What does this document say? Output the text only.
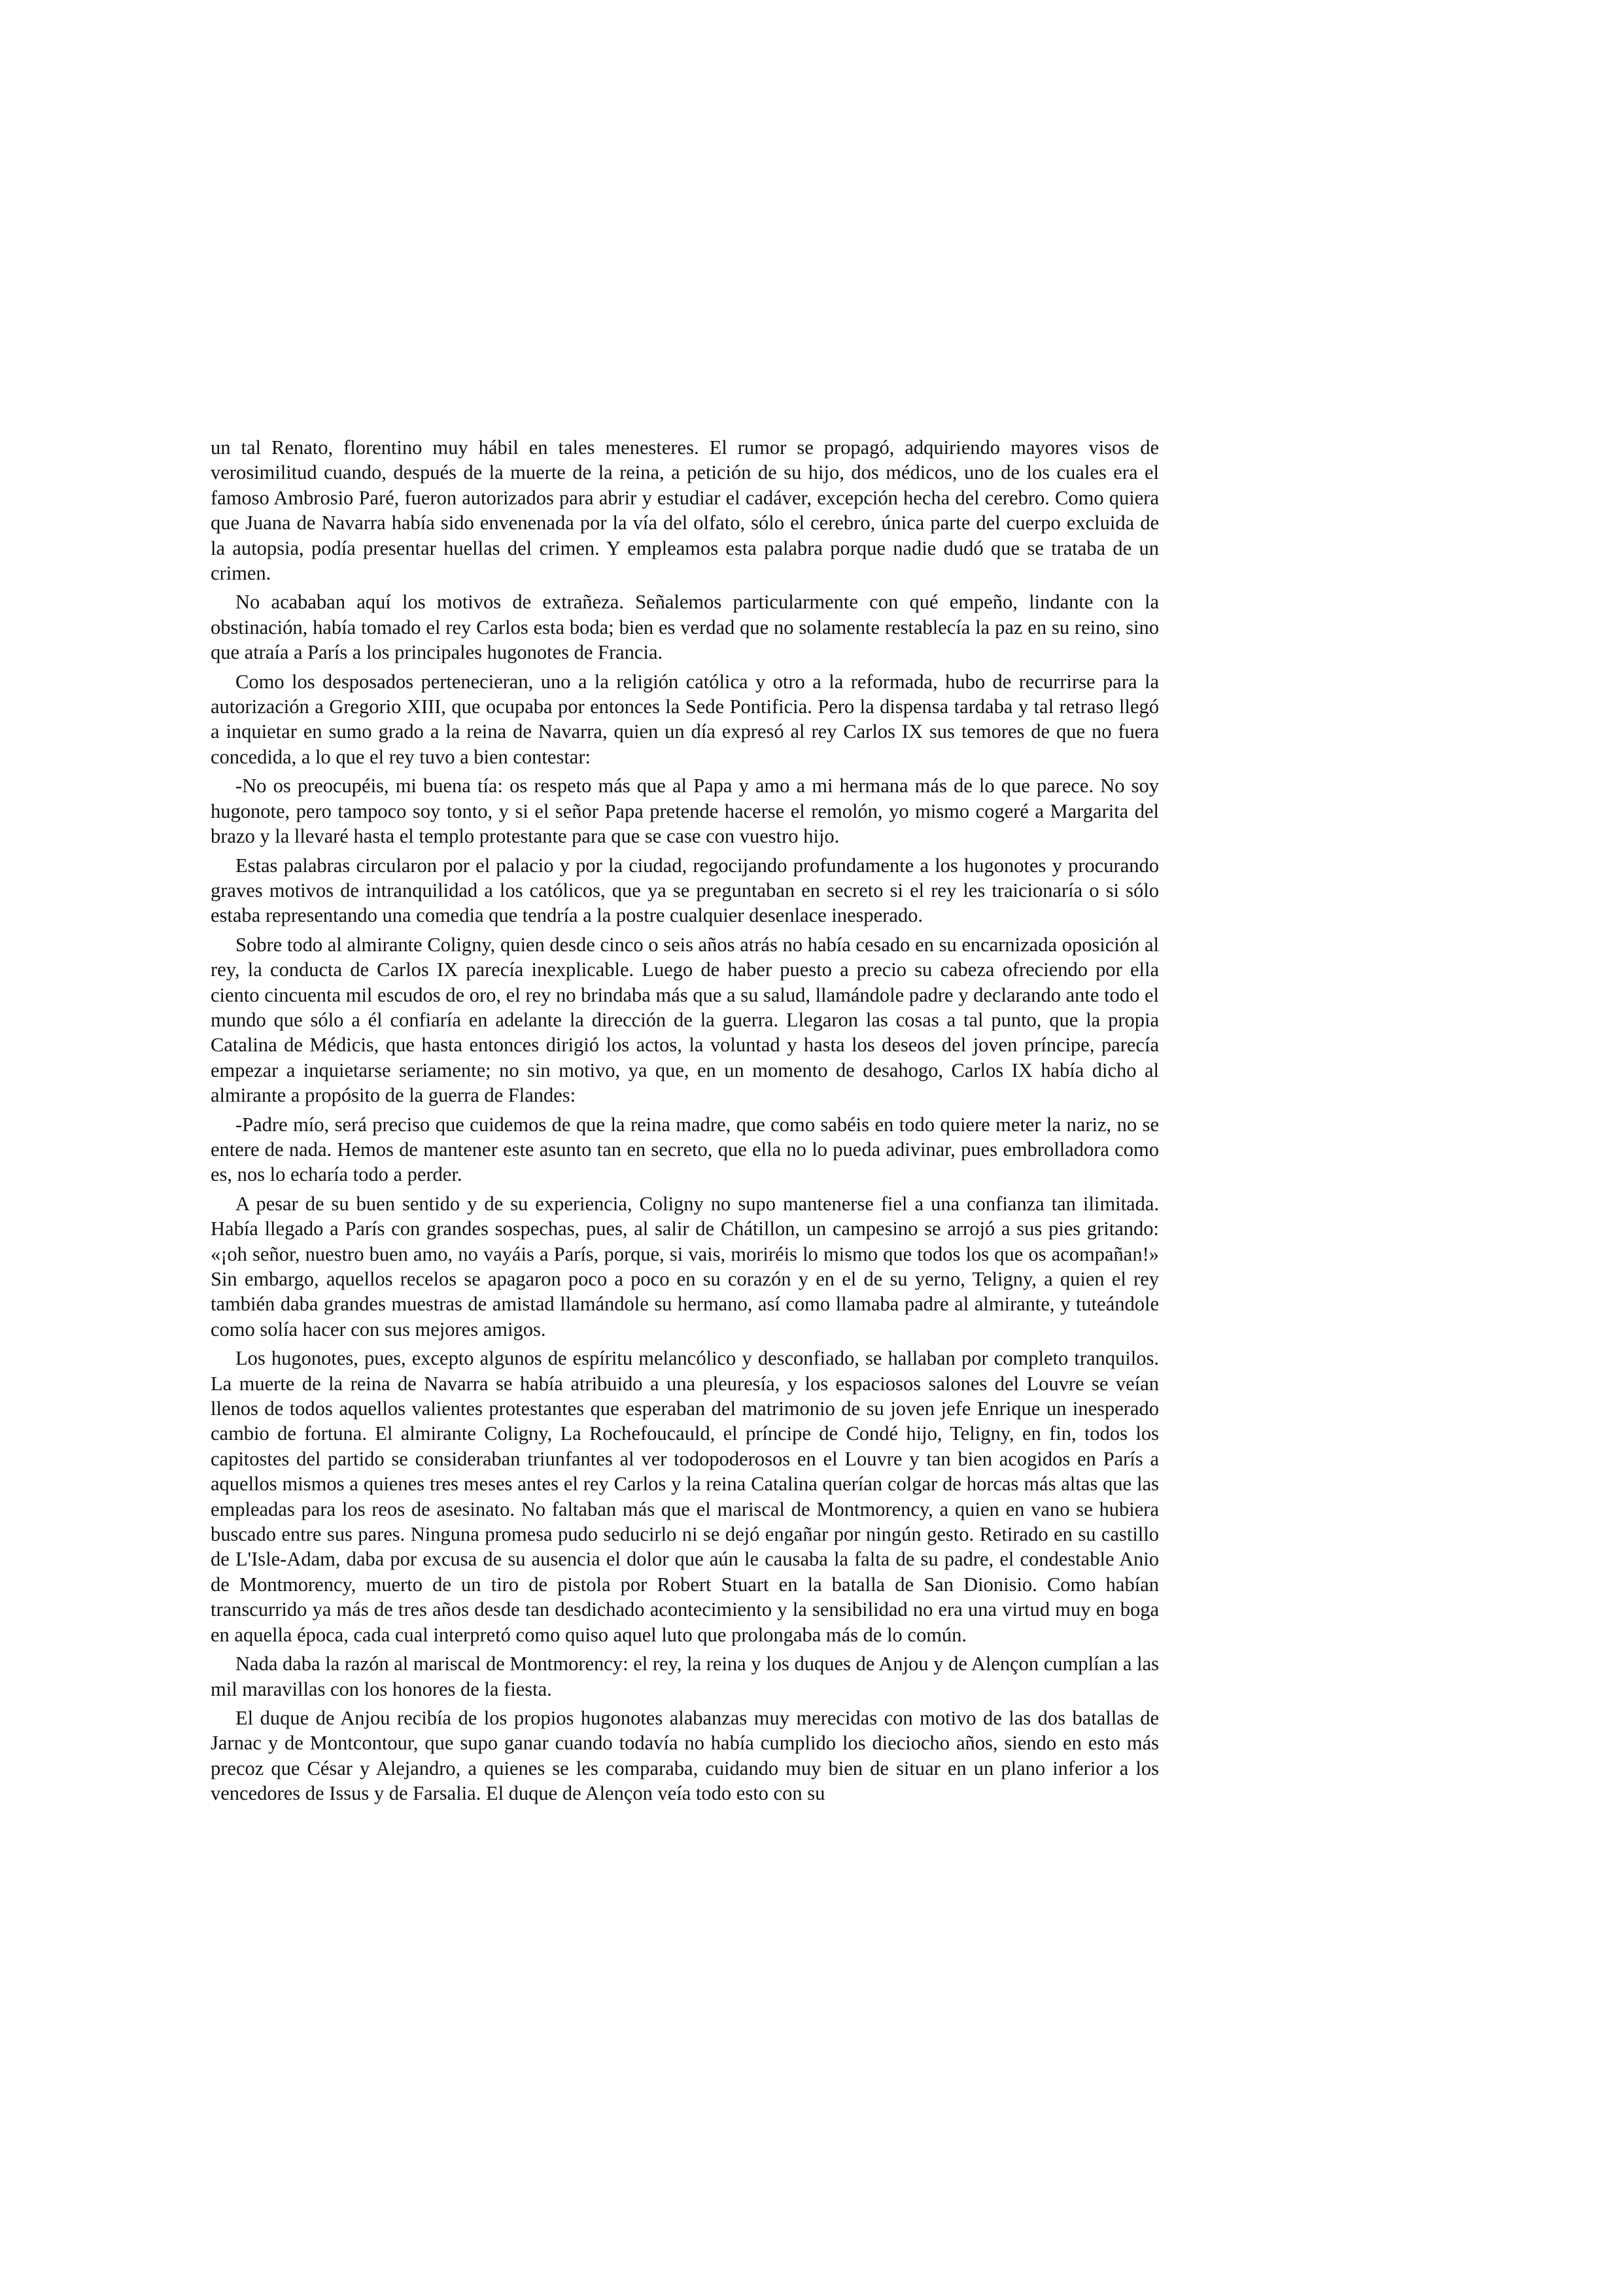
un tal Renato, florentino muy hábil en tales menesteres. El rumor se propagó, adquiriendo mayores visos de verosimilitud cuando, después de la muerte de la reina, a petición de su hijo, dos médicos, uno de los cuales era el famoso Ambrosio Paré, fueron autorizados para abrir y estudiar el cadáver, excepción hecha del cerebro. Como quiera que Juana de Navarra había sido envenenada por la vía del olfato, sólo el cerebro, única parte del cuerpo excluida de la autopsia, podía presentar huellas del crimen. Y empleamos esta palabra porque nadie dudó que se trataba de un crimen.

No acababan aquí los motivos de extrañeza. Señalemos particularmente con qué empeño, lindante con la obstinación, había tomado el rey Carlos esta boda; bien es verdad que no solamente restablecía la paz en su reino, sino que atraía a París a los principales hugonotes de Francia.

Como los desposados pertenecieran, uno a la religión católica y otro a la reformada, hubo de recurrirse para la autorización a Gregorio XIII, que ocupaba por entonces la Sede Pontificia. Pero la dispensa tardaba y tal retraso llegó a inquietar en sumo grado a la reina de Navarra, quien un día expresó al rey Carlos IX sus temores de que no fuera concedida, a lo que el rey tuvo a bien contestar:

-No os preocupéis, mi buena tía: os respeto más que al Papa y amo a mi hermana más de lo que parece. No soy hugonote, pero tampoco soy tonto, y si el señor Papa pretende hacerse el remolón, yo mismo cogeré a Margarita del brazo y la llevaré hasta el templo protestante para que se case con vuestro hijo.

Estas palabras circularon por el palacio y por la ciudad, regocijando profundamente a los hugonotes y procurando graves motivos de intranquilidad a los católicos, que ya se preguntaban en secreto si el rey les traicionaría o si sólo estaba representando una comedia que tendría a la postre cualquier desenlace inesperado.

Sobre todo al almirante Coligny, quien desde cinco o seis años atrás no había cesado en su encarnizada oposición al rey, la conducta de Carlos IX parecía inexplicable. Luego de haber puesto a precio su cabeza ofreciendo por ella ciento cincuenta mil escudos de oro, el rey no brindaba más que a su salud, llamándole padre y declarando ante todo el mundo que sólo a él confiaría en adelante la dirección de la guerra. Llegaron las cosas a tal punto, que la propia Catalina de Médicis, que hasta entonces dirigió los actos, la voluntad y hasta los deseos del joven príncipe, parecía empezar a inquietarse seriamente; no sin motivo, ya que, en un momento de desahogo, Carlos IX había dicho al almirante a propósito de la guerra de Flandes:

-Padre mío, será preciso que cuidemos de que la reina madre, que como sabéis en todo quiere meter la nariz, no se entere de nada. Hemos de mantener este asunto tan en secreto, que ella no lo pueda adivinar, pues embrolladora como es, nos lo echaría todo a perder.

A pesar de su buen sentido y de su experiencia, Coligny no supo mantenerse fiel a una confianza tan ilimitada. Había llegado a París con grandes sospechas, pues, al salir de Chátillon, un campesino se arrojó a sus pies gritando: «¡oh señor, nuestro buen amo, no vayáis a París, porque, si vais, moriréis lo mismo que todos los que os acompañan!» Sin embargo, aquellos recelos se apagaron poco a poco en su corazón y en el de su yerno, Teligny, a quien el rey también daba grandes muestras de amistad llamándole su hermano, así como llamaba padre al almirante, y tuteándole como solía hacer con sus mejores amigos.

Los hugonotes, pues, excepto algunos de espíritu melancólico y desconfiado, se hallaban por completo tranquilos. La muerte de la reina de Navarra se había atribuido a una pleuresía, y los espaciosos salones del Louvre se veían llenos de todos aquellos valientes protestantes que esperaban del matrimonio de su joven jefe Enrique un inesperado cambio de fortuna. El almirante Coligny, La Rochefoucauld, el príncipe de Condé hijo, Teligny, en fin, todos los capitostes del partido se consideraban triunfantes al ver todopoderosos en el Louvre y tan bien acogidos en París a aquellos mismos a quienes tres meses antes el rey Carlos y la reina Catalina querían colgar de horcas más altas que las empleadas para los reos de asesinato. No faltaban más que el mariscal de Montmorency, a quien en vano se hubiera buscado entre sus pares. Ninguna promesa pudo seducirlo ni se dejó engañar por ningún gesto. Retirado en su castillo de L'Isle-Adam, daba por excusa de su ausencia el dolor que aún le causaba la falta de su padre, el condestable Anio de Montmorency, muerto de un tiro de pistola por Robert Stuart en la batalla de San Dionisio. Como habían transcurrido ya más de tres años desde tan desdichado acontecimiento y la sensibilidad no era una virtud muy en boga en aquella época, cada cual interpretó como quiso aquel luto que prolongaba más de lo común.

Nada daba la razón al mariscal de Montmorency: el rey, la reina y los duques de Anjou y de Alençon cumplían a las mil maravillas con los honores de la fiesta.

El duque de Anjou recibía de los propios hugonotes alabanzas muy merecidas con motivo de las dos batallas de Jarnac y de Montcontour, que supo ganar cuando todavía no había cumplido los dieciocho años, siendo en esto más precoz que César y Alejandro, a quienes se les comparaba, cuidando muy bien de situar en un plano inferior a los vencedores de Issus y de Farsalia. El duque de Alençon veía todo esto con su
